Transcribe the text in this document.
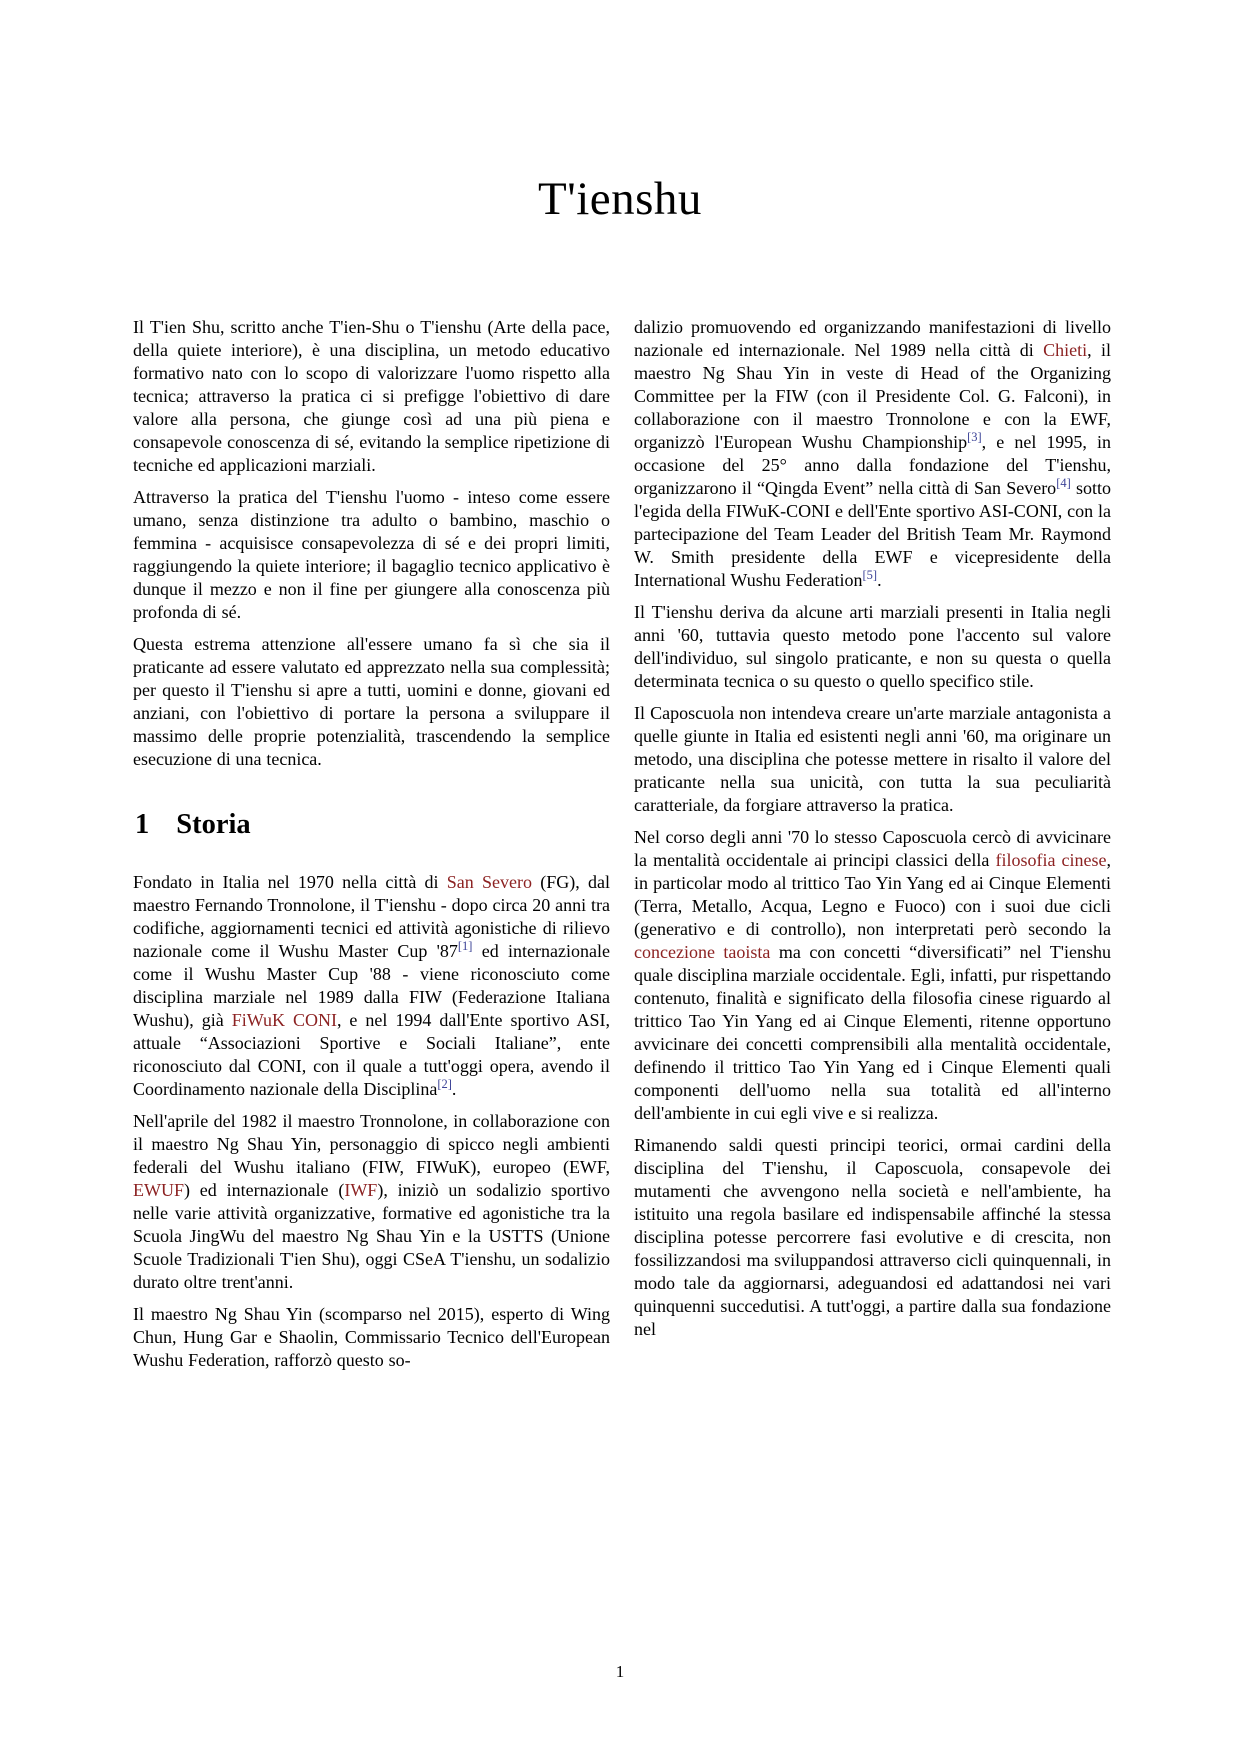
T'ienshu

Il T'ien Shu, scritto anche T'ien-Shu o T'ienshu (Arte della pace, della quiete interiore), è una disciplina, un metodo educativo formativo nato con lo scopo di valorizzare l'uomo rispetto alla tecnica; attraverso la pratica ci si prefigge l'obiettivo di dare valore alla persona, che giunge così ad una più piena e consapevole conoscenza di sé, evitando la semplice ripetizione di tecniche ed applicazioni marziali.

Attraverso la pratica del T'ienshu l'uomo - inteso come essere umano, senza distinzione tra adulto o bambino, maschio o femmina - acquisisce consapevolezza di sé e dei propri limiti, raggiungendo la quiete interiore; il bagaglio tecnico applicativo è dunque il mezzo e non il fine per giungere alla conoscenza più profonda di sé.

Questa estrema attenzione all'essere umano fa sì che sia il praticante ad essere valutato ed apprezzato nella sua complessità; per questo il T'ienshu si apre a tutti, uomini e donne, giovani ed anziani, con l'obiettivo di portare la persona a sviluppare il massimo delle proprie potenzialità, trascendendo la semplice esecuzione di una tecnica.

1 Storia

Fondato in Italia nel 1970 nella città di San Severo (FG), dal maestro Fernando Tronnolone, il T'ienshu - dopo circa 20 anni tra codifiche, aggiornamenti tecnici ed attività agonistiche di rilievo nazionale come il Wushu Master Cup '87[1] ed internazionale come il Wushu Master Cup '88 - viene riconosciuto come disciplina marziale nel 1989 dalla FIW (Federazione Italiana Wushu), già FiWuK CONI, e nel 1994 dall'Ente sportivo ASI, attuale “Associazioni Sportive e Sociali Italiane”, ente riconosciuto dal CONI, con il quale a tutt'oggi opera, avendo il Coordinamento nazionale della Disciplina[2].

Nell'aprile del 1982 il maestro Tronnolone, in collaborazione con il maestro Ng Shau Yin, personaggio di spicco negli ambienti federali del Wushu italiano (FIW, FIWuK), europeo (EWF, EWUF) ed internazionale (IWF), iniziò un sodalizio sportivo nelle varie attività organizzative, formative ed agonistiche tra la Scuola JingWu del maestro Ng Shau Yin e la USTTS (Unione Scuole Tradizionali T'ien Shu), oggi CSeA T'ienshu, un sodalizio durato oltre trent'anni.

Il maestro Ng Shau Yin (scomparso nel 2015), esperto di Wing Chun, Hung Gar e Shaolin, Commissario Tecnico dell'European Wushu Federation, rafforzò questo so-

dalizio promuovendo ed organizzando manifestazioni di livello nazionale ed internazionale. Nel 1989 nella città di Chieti, il maestro Ng Shau Yin in veste di Head of the Organizing Committee per la FIW (con il Presidente Col. G. Falconi), in collaborazione con il maestro Tronnolone e con la EWF, organizzò l'European Wushu Championship[3], e nel 1995, in occasione del 25° anno dalla fondazione del T'ienshu, organizzarono il “Qingda Event” nella città di San Severo[4] sotto l'egida della FIWuK-CONI e dell'Ente sportivo ASI-CONI, con la partecipazione del Team Leader del British Team Mr. Raymond W. Smith presidente della EWF e vicepresidente della International Wushu Federation[5].

Il T'ienshu deriva da alcune arti marziali presenti in Italia negli anni '60, tuttavia questo metodo pone l'accento sul valore dell'individuo, sul singolo praticante, e non su questa o quella determinata tecnica o su questo o quello specifico stile.

Il Caposcuola non intendeva creare un'arte marziale antagonista a quelle giunte in Italia ed esistenti negli anni '60, ma originare un metodo, una disciplina che potesse mettere in risalto il valore del praticante nella sua unicità, con tutta la sua peculiarità caratteriale, da forgiare attraverso la pratica.

Nel corso degli anni '70 lo stesso Caposcuola cercò di avvicinare la mentalità occidentale ai principi classici della filosofia cinese, in particolar modo al trittico Tao Yin Yang ed ai Cinque Elementi (Terra, Metallo, Acqua, Legno e Fuoco) con i suoi due cicli (generativo e di controllo), non interpretati però secondo la concezione taoista ma con concetti “diversificati” nel T'ienshu quale disciplina marziale occidentale. Egli, infatti, pur rispettando contenuto, finalità e significato della filosofia cinese riguardo al trittico Tao Yin Yang ed ai Cinque Elementi, ritenne opportuno avvicinare dei concetti comprensibili alla mentalità occidentale, definendo il trittico Tao Yin Yang ed i Cinque Elementi quali componenti dell'uomo nella sua totalità ed all'interno dell'ambiente in cui egli vive e si realizza.

Rimanendo saldi questi principi teorici, ormai cardini della disciplina del T'ienshu, il Caposcuola, consapevole dei mutamenti che avvengono nella società e nell'ambiente, ha istituito una regola basilare ed indispensabile affinché la stessa disciplina potesse percorrere fasi evolutive e di crescita, non fossilizzandosi ma sviluppandosi attraverso cicli quinquennali, in modo tale da aggiornarsi, adeguandosi ed adattandosi nei vari quinquenni succedutisi. A tutt'oggi, a partire dalla sua fondazione nel

1
